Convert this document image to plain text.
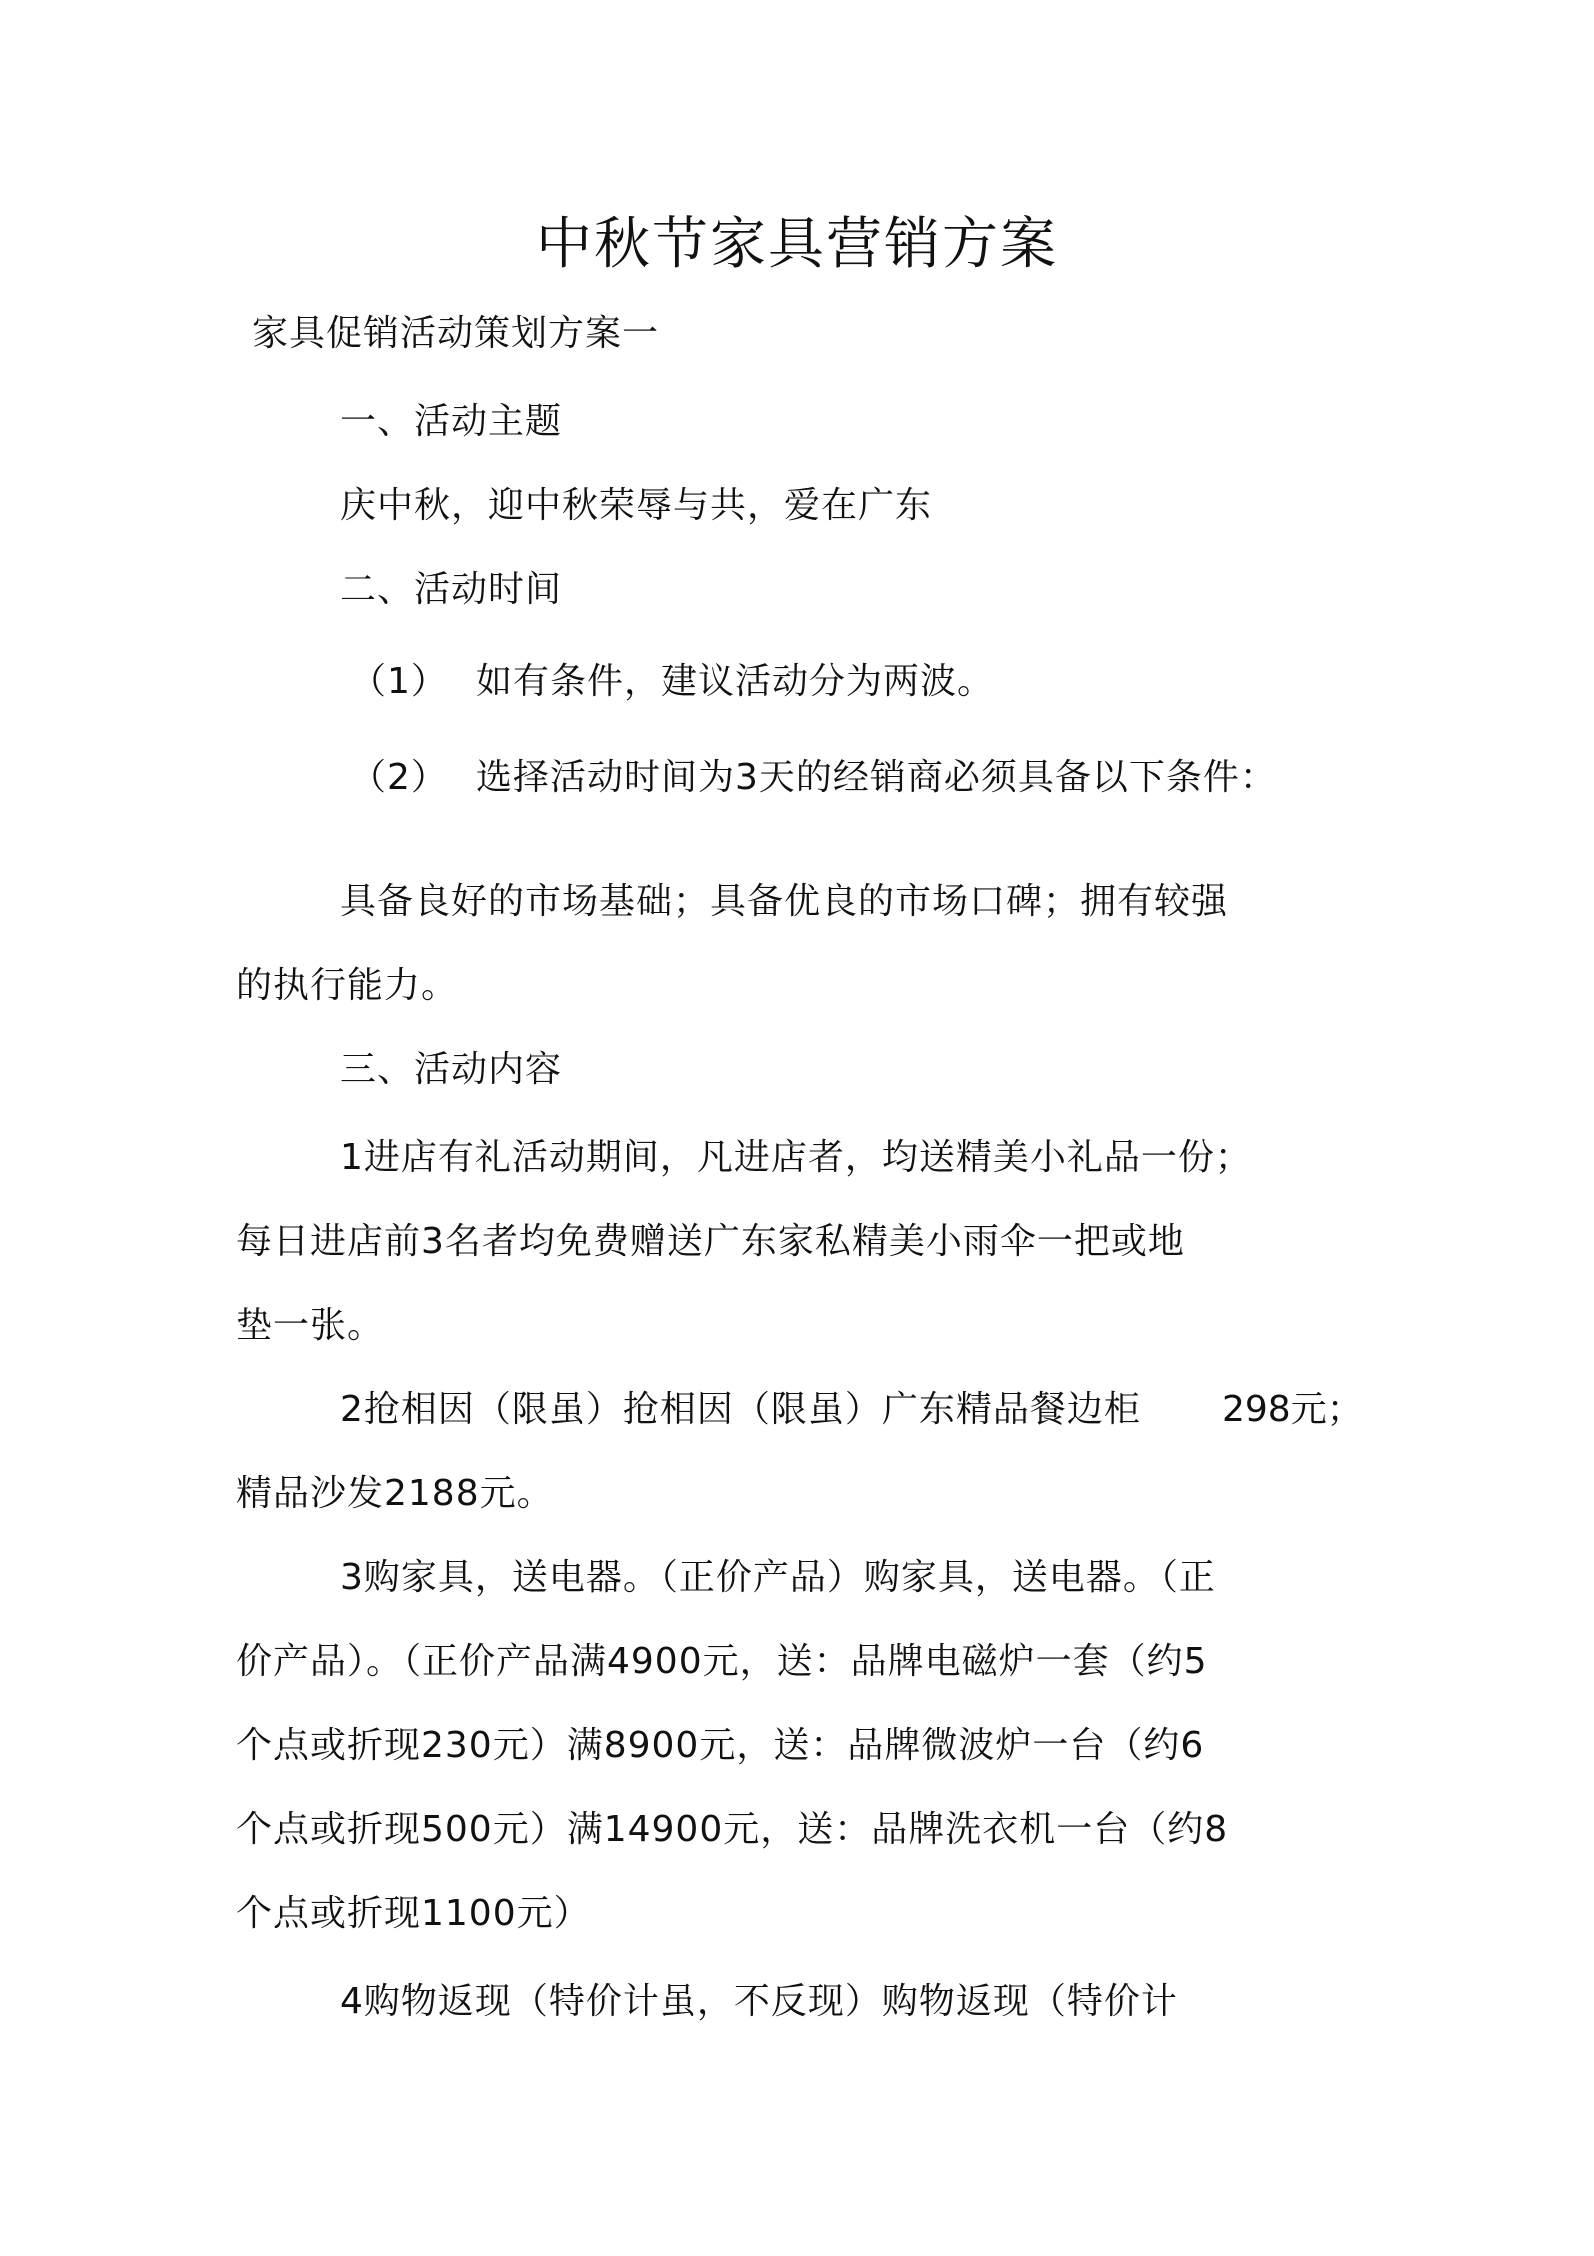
中秋节家具营销方案
家具促销活动策划方案一
一、活动主题
庆中秋，迎中秋荣辱与共，爱在广东
二、活动时间
（1） 如有条件，建议活动分为两波。
（2） 选择活动时间为3天的经销商必须具备以下条件：
具备良好的市场基础；具备优良的市场口碑；拥有较强
的执行能力。
三、活动内容
1进店有礼活动期间，凡进店者，均送精美小礼品一份；
每日进店前3名者均免费赠送广东家私精美小雨伞一把或地
垫一张。
2抢相因（限虽）抢相因（限虽）广东精品餐边柜 298元；
精品沙发2188元。
3购家具，送电器。（正价产品）购家具，送电器。（正
价产品）。（正价产品满4900元，送：品牌电磁炉一套（约5
个点或折现230元）满8900元，送：品牌微波炉一台（约6
个点或折现500元）满14900元，送：品牌洗衣机一台（约8
个点或折现1100元）
4购物返现（特价计虽，不反现）购物返现（特价计
